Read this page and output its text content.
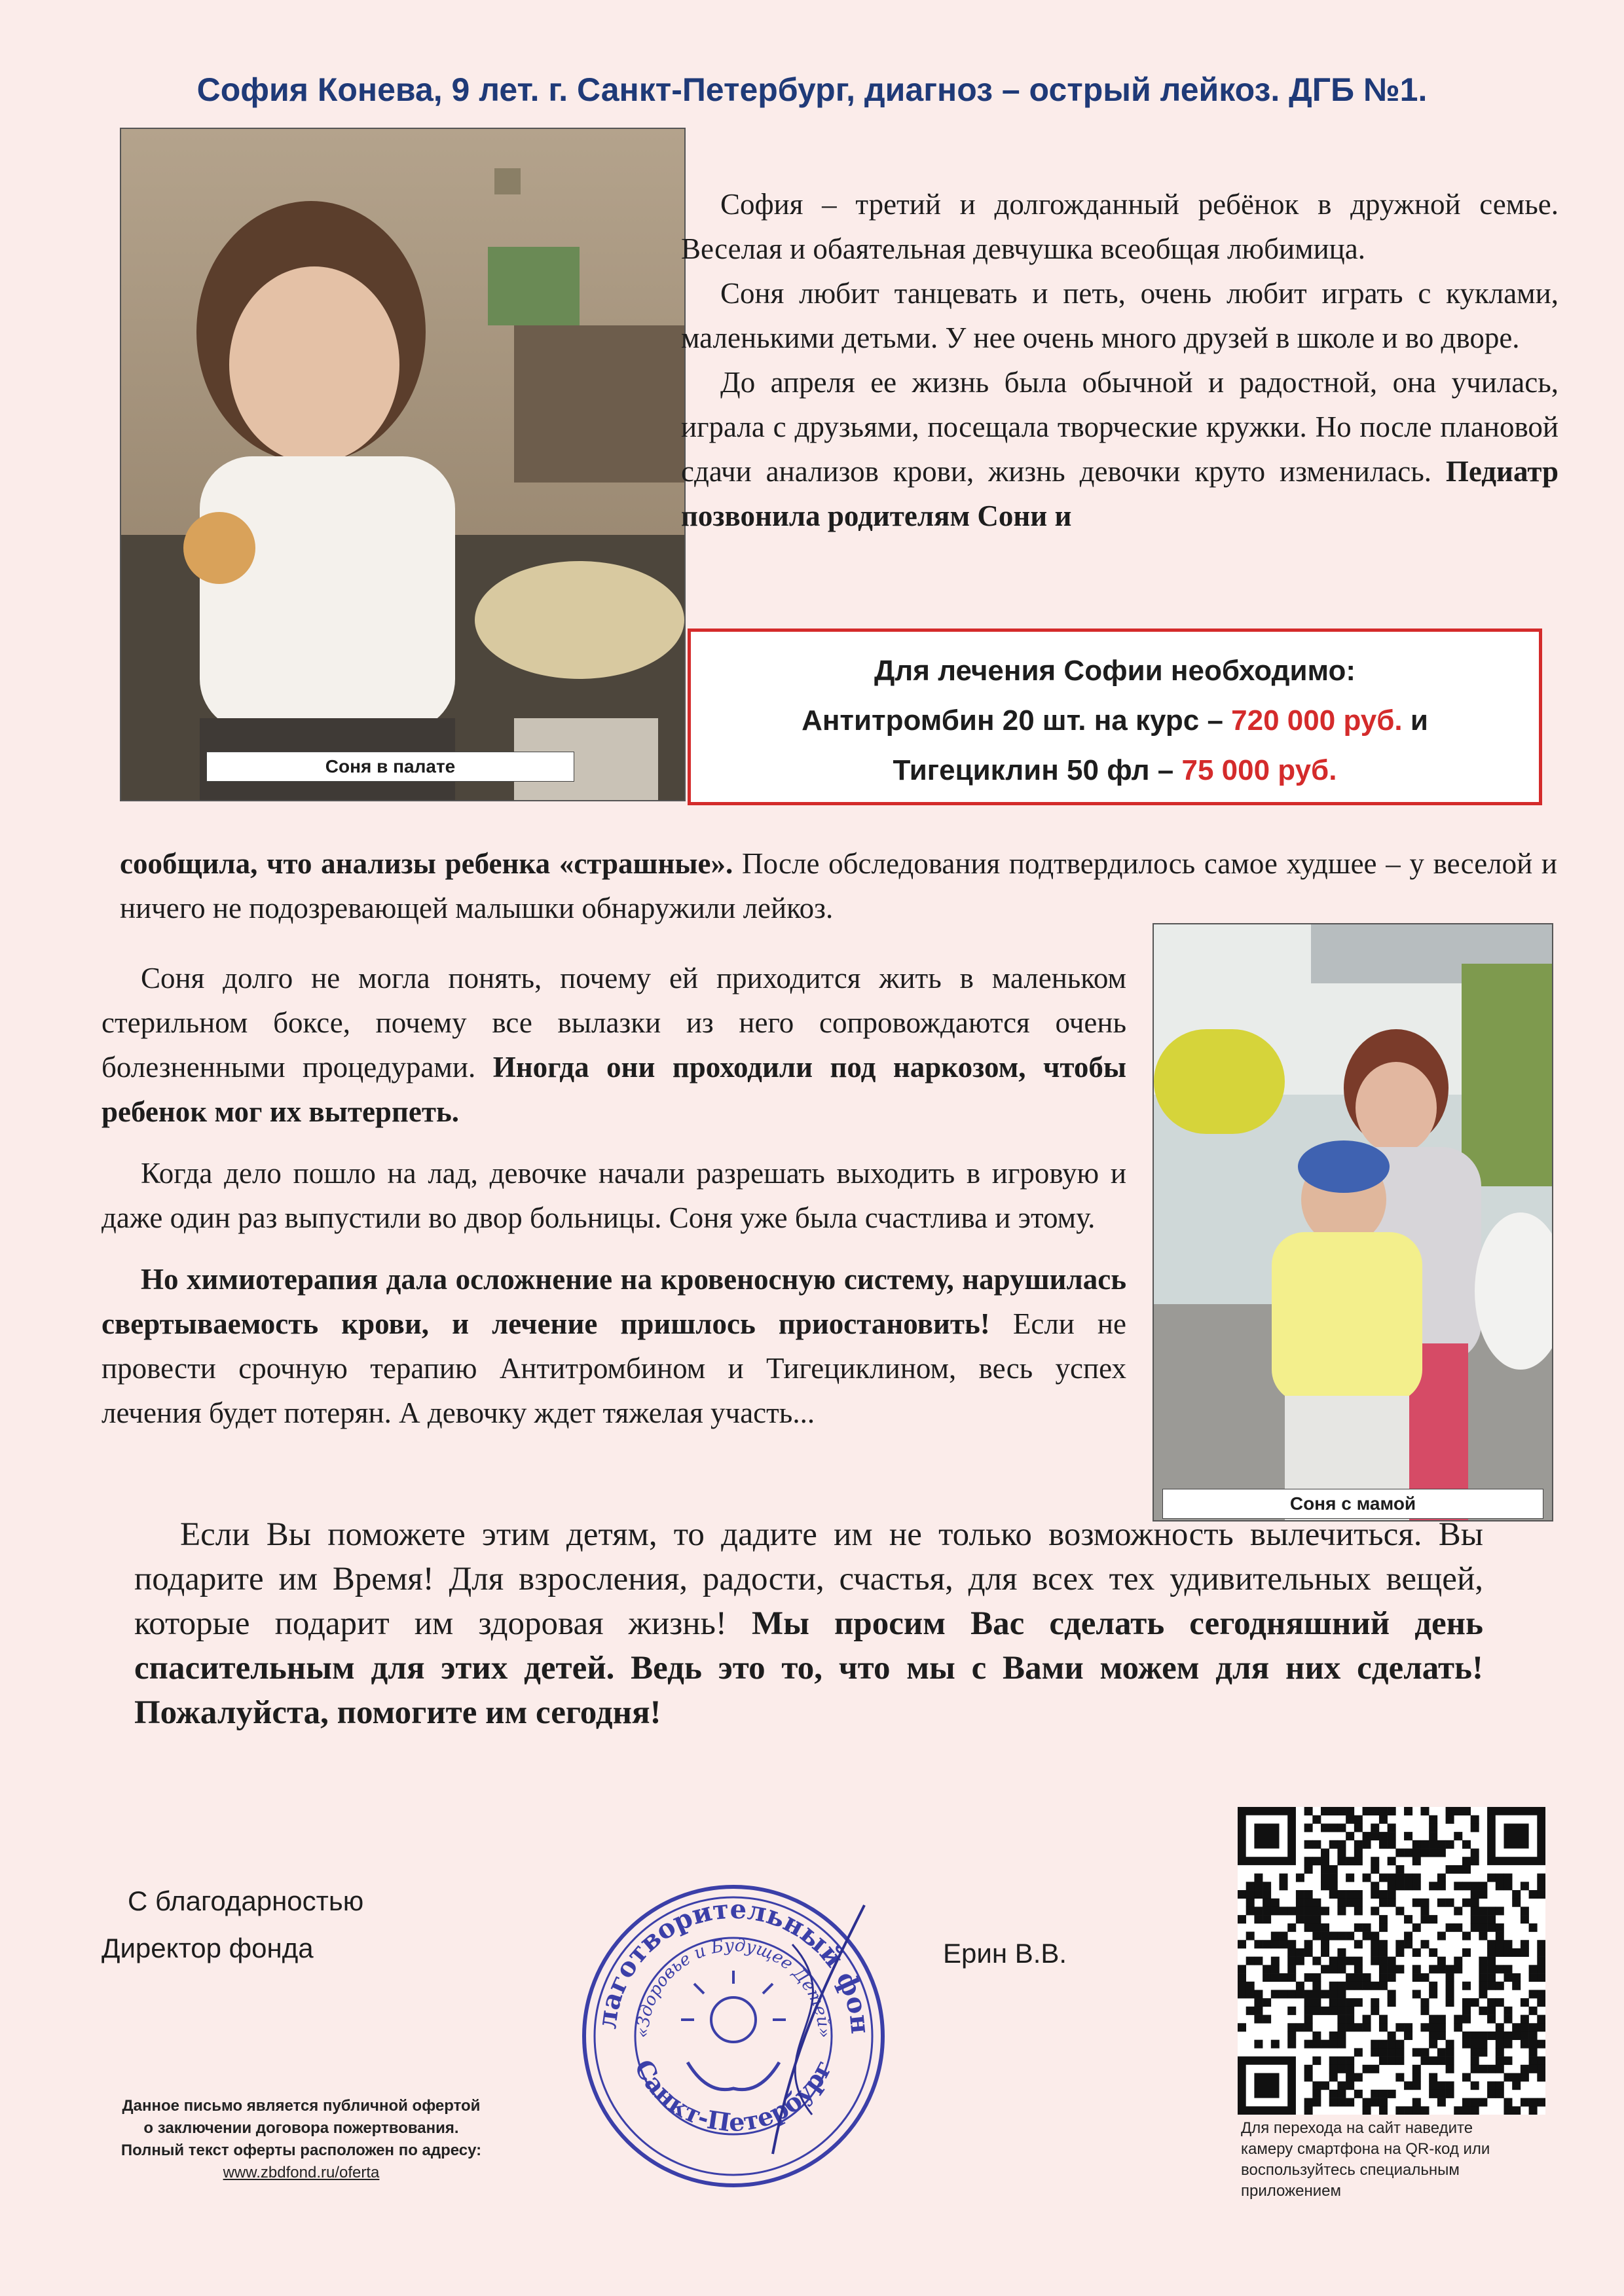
София Конева, 9 лет. г. Санкт-Петербург, диагноз – острый лейкоз. ДГБ №1.
Соня в палате

София – третий и долгожданный ребёнок в дружной семье. Веселая и обаятельная девчушка всеобщая любимица.

Соня любит танцевать и петь, очень любит играть с куклами, маленькими детьми. У нее очень много друзей в школе и во дворе.

До апреля ее жизнь была обычной и радостной, она училась, играла с друзьями, посещала творческие кружки. Но после плановой сдачи анализов крови, жизнь девочки круто изменилась. Педиатр позвонила родителям Сони и

Для лечения Софии необходимо:
Антитромбин 20 шт. на курс – 720 000 руб. и
Тигециклин 50 фл – 75 000 руб.

сообщила, что анализы ребенка «страшные». После обследования подтвердилось самое худшее – у веселой и ничего не подозревающей малышки обнаружили лейкоз.

Соня долго не могла понять, почему ей приходится жить в маленьком стерильном боксе, почему все вылазки из него сопровождаются очень болезненными процедурами. Иногда они проходили под наркозом, чтобы ребенок мог их вытерпеть.

Когда дело пошло на лад, девочке начали разрешать выходить в игровую и даже один раз выпустили во двор больницы. Соня уже была счастлива и этому.

Но химиотерапия дала осложнение на кровеносную систему, нарушилась свертываемость крови, и лечение пришлось приостановить! Если не провести срочную терапию Антитромбином и Тигециклином, весь успех лечения будет потерян. А девочку ждет тяжелая участь...

Соня с мамой

Если Вы поможете этим детям, то дадите им не только возможность вылечиться. Вы подарите им Время! Для взросления, радости, счастья, для всех тех удивительных вещей, которые подарит им здоровая жизнь! Мы просим Вас сделать сегодняшний день спасительным для этих детей. Ведь это то, что мы с Вами можем для них сделать! Пожалуйста, помогите им сегодня!

С благодарностью
Директор фонда	Ерин В.В.
лаготворительный фон
«Здоровье и Будущее Детей»
Санкт-Петербург
Данное письмо является публичной офертой
о заключении договора пожертвования.
Полный текст оферты расположен по адресу:
www.zbdfond.ru/oferta
Для перехода на сайт наведите
камеру смартфона на QR-код или
воспользуйтесь специальным
приложением
